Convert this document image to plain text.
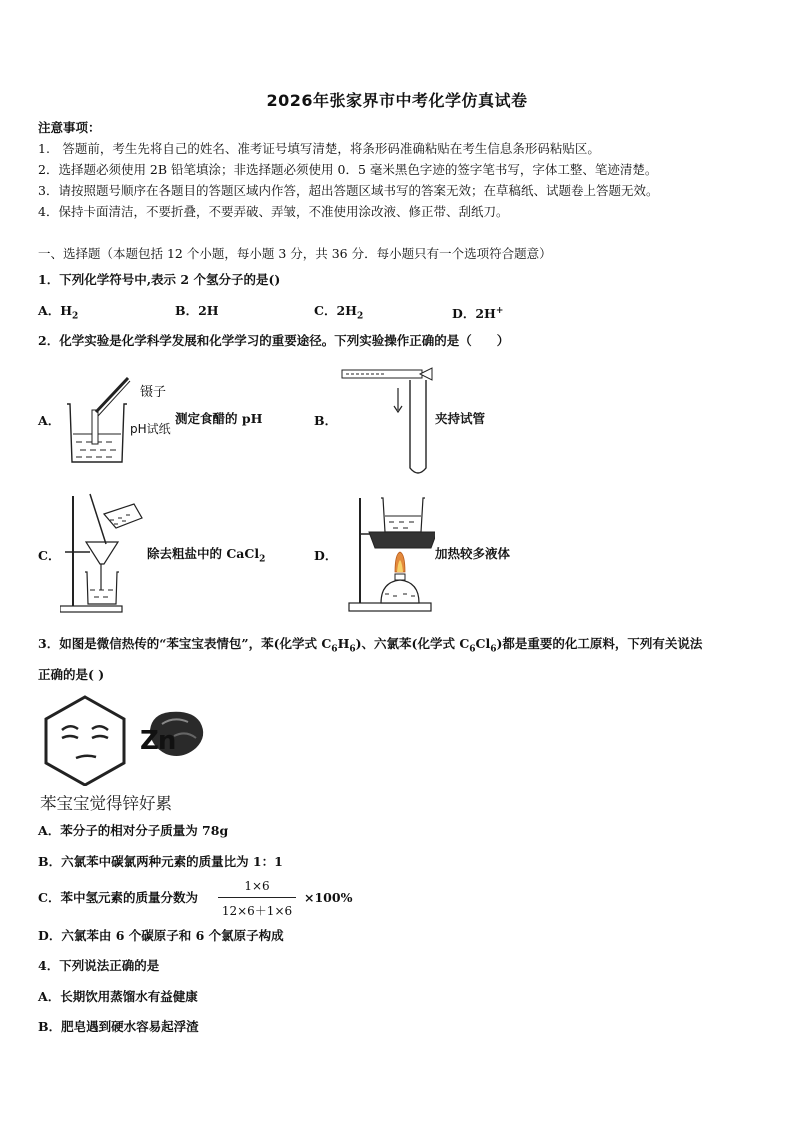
2026年张家界市中考化学仿真试卷
注意事项：
1.　答题前，考生先将自己的姓名、准考证号填写清楚，将条形码准确粘贴在考生信息条形码粘贴区。
2．选择题必须使用 2B 铅笔填涂；非选择题必须使用 0．5 毫米黑色字迹的签字笔书写，字体工整、笔迹清楚。
3．请按照题号顺序在各题目的答题区域内作答，超出答题区域书写的答案无效；在草稿纸、试题卷上答题无效。
4．保持卡面清洁，不要折叠，不要弄破、弄皱，不准使用涂改液、修正带、刮纸刀。
一、选择题（本题包括 12 个小题，每小题 3 分，共 36 分．每小题只有一个选项符合题意）
1．下列化学符号中,表示 2 个氢分子的是()
A．$H_2$	B．2H	C．$2H_2$	D．2H+
2．化学实验是化学科学发展和化学学习的重要途径。下列实验操作正确的是（　　）
A．
镊子
pH试纸
测定食醋的 pH	B．	夹持试管
C．	除去粗盐中的 CaCl$_2$	D．	加热较多液体
3．如图是微信热传的“苯宝宝表情包”，苯(化学式 $C_6H_6$)、六氯苯(化学式 $C_6Cl_6$)都是重要的化工原料，下列有关说法
正确的是( )
Zn
苯宝宝觉得锌好累
A．苯分子的相对分子质量为 78g
B．六氯苯中碳氯两种元素的质量比为 1：1
C．苯中氢元素的质量分数为
1×6
12×6＋1×6
×100%
D．六氯苯由 6 个碳原子和 6 个氯原子构成
4．下列说法正确的是
A．长期饮用蒸馏水有益健康
B．肥皂遇到硬水容易起浮渣
